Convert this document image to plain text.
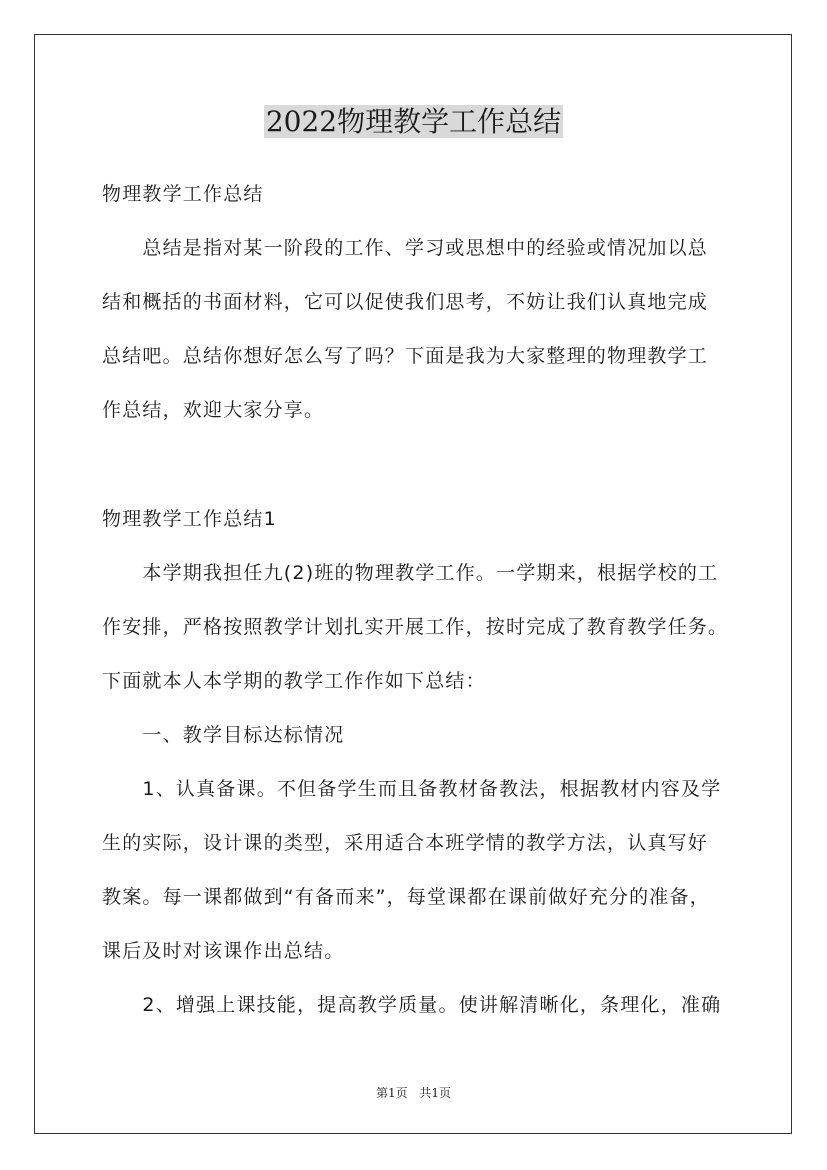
2022物理教学工作总结
物理教学工作总结
　　总结是指对某一阶段的工作、学习或思想中的经验或情况加以总
结和概括的书面材料，它可以促使我们思考，不妨让我们认真地完成
总结吧。总结你想好怎么写了吗？下面是我为大家整理的物理教学工
作总结，欢迎大家分享。
物理教学工作总结1
　　本学期我担任九(2)班的物理教学工作。一学期来，根据学校的工
作安排，严格按照教学计划扎实开展工作，按时完成了教育教学任务。
下面就本人本学期的教学工作作如下总结：
　　一、教学目标达标情况
　　1、认真备课。不但备学生而且备教材备教法，根据教材内容及学
生的实际，设计课的类型，采用适合本班学情的教学方法，认真写好
教案。每一课都做到“有备而来”，每堂课都在课前做好充分的准备，
课后及时对该课作出总结。
　　2、增强上课技能，提高教学质量。使讲解清晰化，条理化，准确
第1页 共1页
